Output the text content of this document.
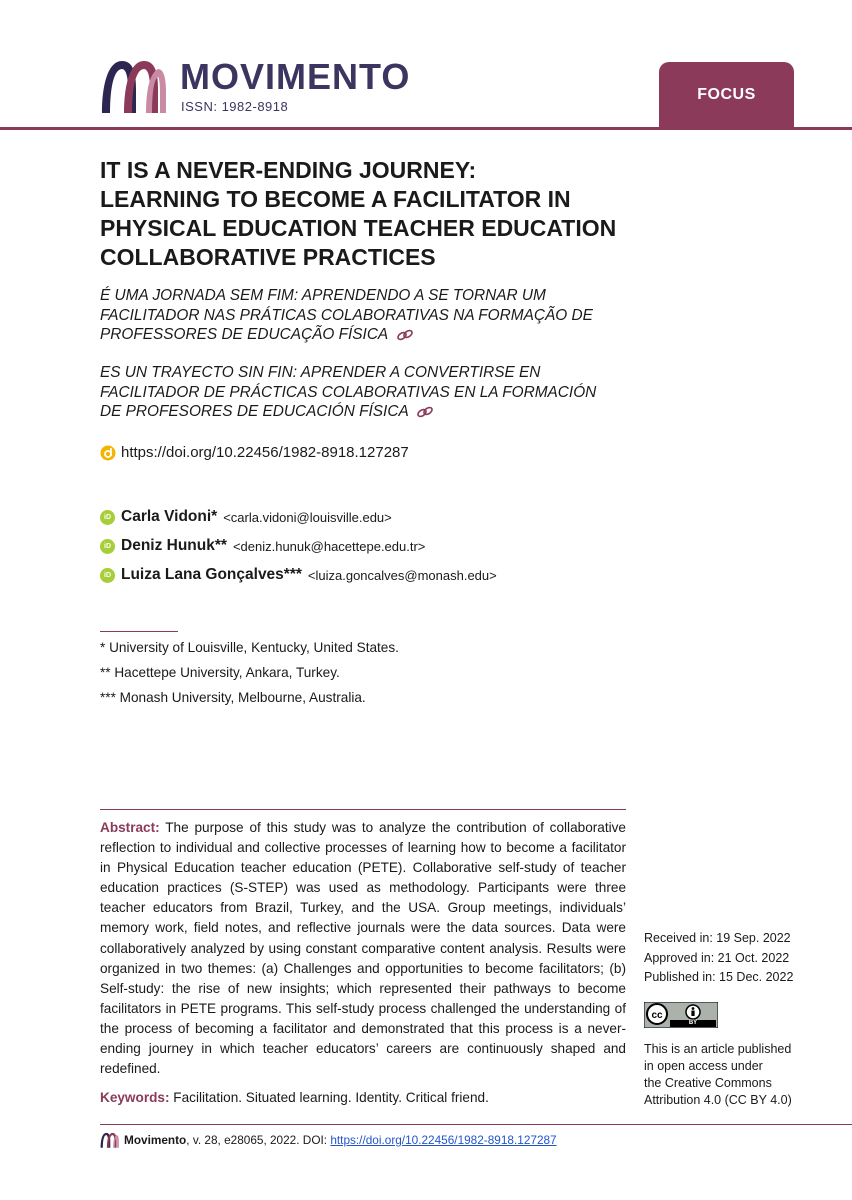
MOVIMENTO
ISSN: 1982-8918
FOCUS
IT IS A NEVER-ENDING JOURNEY:
LEARNING TO BECOME A FACILITATOR IN
PHYSICAL EDUCATION TEACHER EDUCATION
COLLABORATIVE PRACTICES
É UMA JORNADA SEM FIM: APRENDENDO A SE TORNAR UM
FACILITADOR NAS PRÁTICAS COLABORATIVAS NA FORMAÇÃO DE
PROFESSORES DE EDUCAÇÃO FÍSICA
ES UN TRAYECTO SIN FIN: APRENDER A CONVERTIRSE EN
FACILITADOR DE PRÁCTICAS COLABORATIVAS EN LA FORMACIÓN
DE PROFESORES DE EDUCACIÓN FÍSICA
https://doi.org/10.22456/1982-8918.127287
iD Carla Vidoni* <carla.vidoni@louisville.edu>
iD Deniz Hunuk** <deniz.hunuk@hacettepe.edu.tr>
iD Luiza Lana Gonçalves*** <luiza.goncalves@monash.edu>
* University of Louisville, Kentucky, United States.
** Hacettepe University, Ankara, Turkey.
*** Monash University, Melbourne, Australia.
Abstract: The purpose of this study was to analyze the contribution of collaborative reflection to individual and collective processes of learning how to become a facilitator in Physical Education teacher education (PETE). Collaborative self-study of teacher education practices (S-STEP) was used as methodology. Participants were three teacher educators from Brazil, Turkey, and the USA. Group meetings, individuals’ memory work, field notes, and reflective journals were the data sources. Data were collaboratively analyzed by using constant comparative content analysis. Results were organized in two themes: (a) Challenges and opportunities to become facilitators; (b) Self-study: the rise of new insights; which represented their pathways to become facilitators in PETE programs. This self-study process challenged the understanding of the process of becoming a facilitator and demonstrated that this process is a never-ending journey in which teacher educators’ careers are continuously shaped and redefined.
Keywords: Facilitation. Situated learning. Identity. Critical friend.
Received in: 19 Sep. 2022
Approved in: 21 Oct. 2022
Published in: 15 Dec. 2022
cc
BY
This is an article published
in open access under
the Creative Commons
Attribution 4.0 (CC BY 4.0)
Movimento , v. 28, e28065, 2022. DOI: https://doi.org/10.22456/1982-8918.127287
